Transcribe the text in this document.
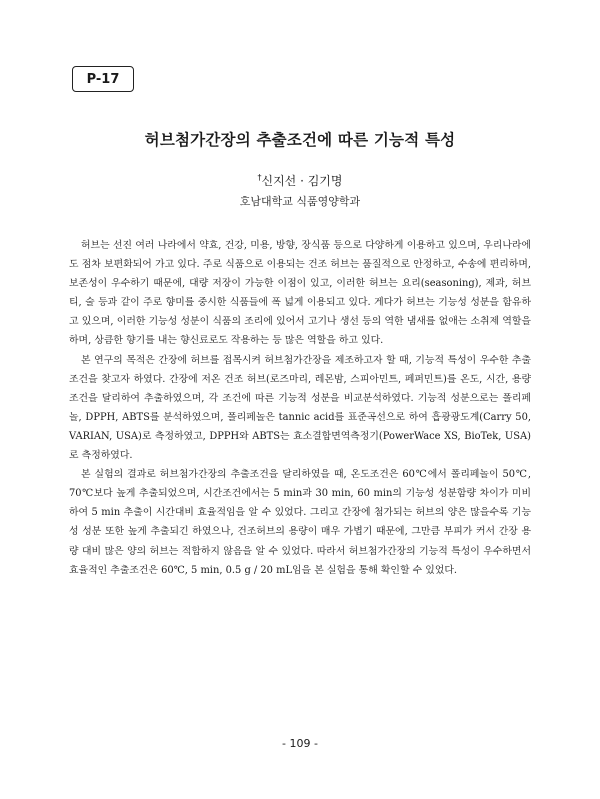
P-17
허브첨가간장의 추출조건에 따른 기능적 특성
†신지선 · 김기명
호남대학교 식품영양학과

허브는 선진 여러 나라에서 약효, 건강, 미용, 방향, 장식품 등으로 다양하게 이용하고 있으며, 우리나라에도 점차 보편화되어 가고 있다. 주로 식품으로 이용되는 건조 허브는 품질적으로 안정하고, 수송에 편리하며, 보존성이 우수하기 때문에, 대량 저장이 가능한 이점이 있고, 이러한 허브는 요리(seasoning), 제과, 허브티, 술 등과 같이 주로 향미를 중시한 식품들에 폭 넓게 이용되고 있다. 게다가 허브는 기능성 성분을 함유하고 있으며, 이러한 기능성 성분이 식품의 조리에 있어서 고기나 생선 등의 역한 냄새를 없애는 소취제 역할을 하며, 상큼한 향기를 내는 향신료로도 작용하는 등 많은 역할을 하고 있다.

본 연구의 목적은 간장에 허브를 접목시켜 허브첨가간장을 제조하고자 할 때, 기능적 특성이 우수한 추출조건을 찾고자 하였다. 간장에 저온 건조 허브(로즈마리, 레몬밤, 스피아민트, 페퍼민트)를 온도, 시간, 용량 조건을 달리하여 추출하였으며, 각 조건에 따른 기능적 성분을 비교분석하였다. 기능적 성분으로는 폴리페놀, DPPH, ABTS를 분석하였으며, 폴리페놀은 tannic acid를 표준곡선으로 하여 흡광광도계(Carry 50, VARIAN, USA)로 측정하였고, DPPH와 ABTS는 효소결합면역측정기(PowerWace XS, BioTek, USA)로 측정하였다.

본 실험의 결과로 허브첨가간장의 추출조건을 달리하였을 때, 온도조건은 60℃에서 폴리페놀이 50℃, 70℃보다 높게 추출되었으며, 시간조건에서는 5 min과 30 min, 60 min의 기능성 성분함량 차이가 미비하여 5 min 추출이 시간대비 효율적임을 알 수 있었다. 그리고 간장에 첨가되는 허브의 양은 많을수록 기능성 성분 또한 높게 추출되긴 하였으나, 건조허브의 용량이 매우 가볍기 때문에, 그만큼 부피가 커서 간장 용량 대비 많은 양의 허브는 적합하지 않음을 알 수 있었다. 따라서 허브첨가간장의 기능적 특성이 우수하면서 효율적인 추출조건은 60℃, 5 min, 0.5 g / 20 mL임을 본 실험을 통해 확인할 수 있었다.

- 109 -
